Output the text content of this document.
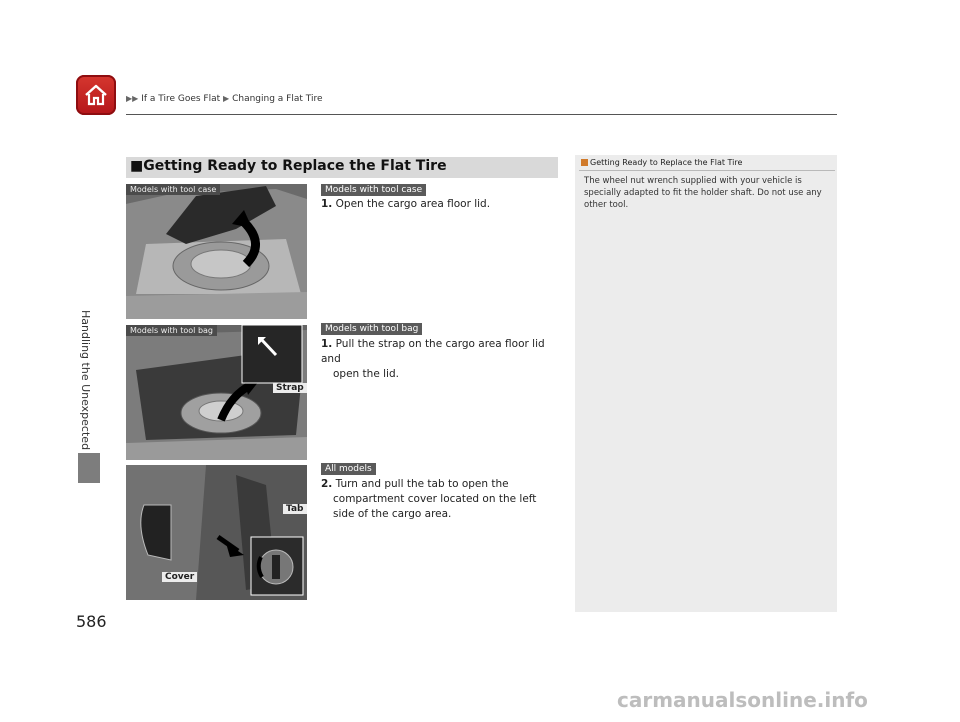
▶▶ If a Tire Goes Flat ▶ Changing a Flat Tire
Handling the Unexpected
586
■Getting Ready to Replace the Flat Tire
Models with tool case
Models with tool bag
Strap
Tab
Cover
Models with tool case
1. Open the cargo area floor lid.
Models with tool bag
1. Pull the strap on the cargo area floor lid and
open the lid.
All models
2. Turn and pull the tab to open the
compartment cover located on the left side of the cargo area.
Getting Ready to Replace the Flat Tire
The wheel nut wrench supplied with your vehicle is specially adapted to fit the holder shaft. Do not use any other tool.
carmanualsonline.info
